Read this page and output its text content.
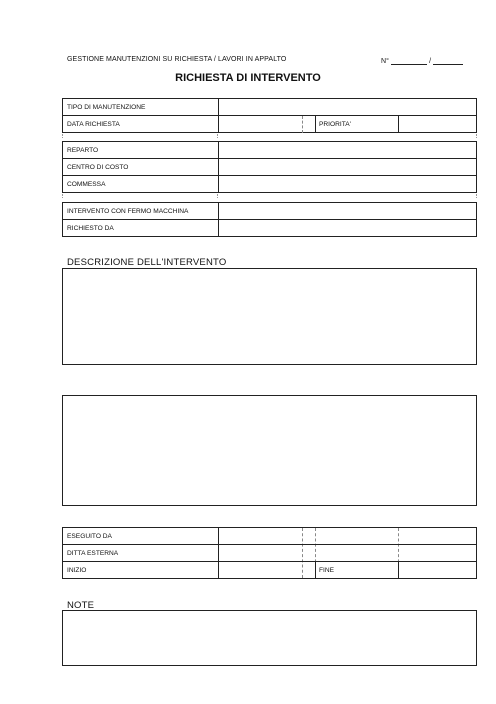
GESTIONE MANUTENZIONI SU RICHIESTA / LAVORI IN APPALTO	N°	/
RICHIESTA DI INTERVENTO
TIPO DI MANUTENZIONE
DATA RICHIESTA	PRIORITA'
REPARTO
CENTRO DI COSTO
COMMESSA
INTERVENTO CON FERMO MACCHINA
RICHIESTO DA
DESCRIZIONE DELL'INTERVENTO
ESEGUITO DA
DITTA ESTERNA
INIZIO	FINE
NOTE
